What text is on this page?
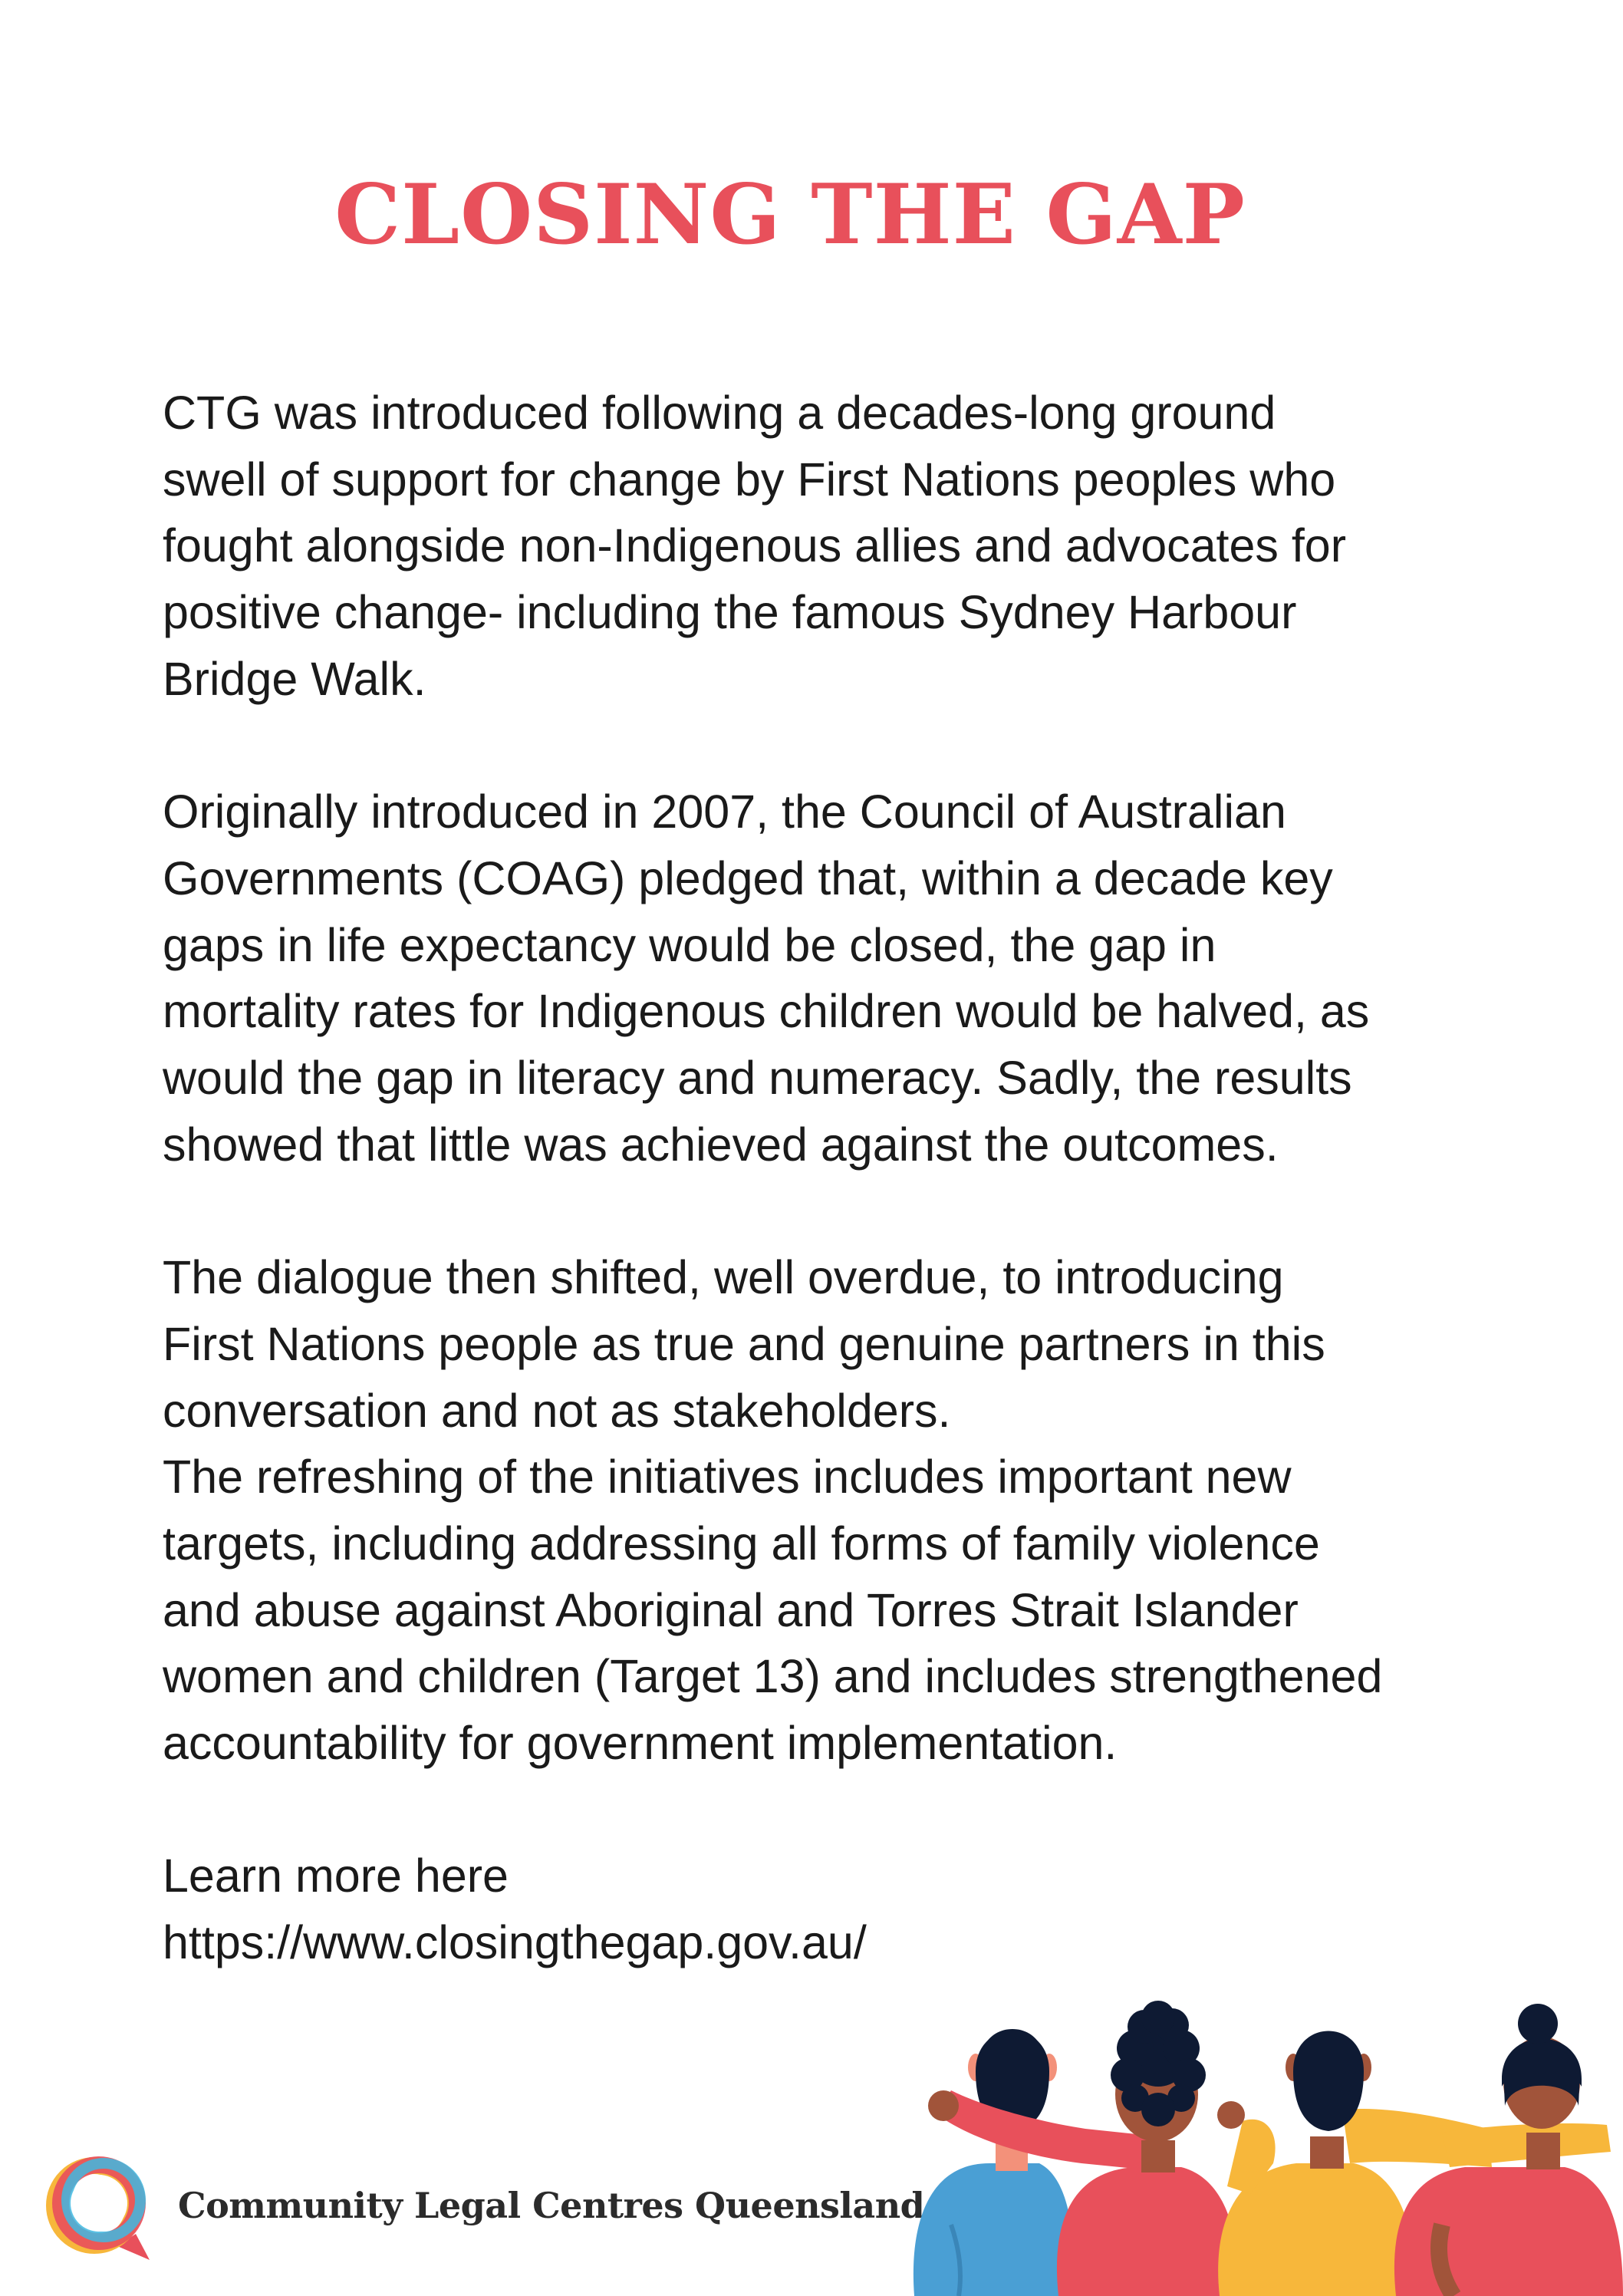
CLOSING THE GAP

CTG was introduced following a decades-long ground
swell of support for change by First Nations peoples who
fought alongside non-Indigenous allies and advocates for
positive change- including the famous Sydney Harbour
Bridge Walk.

Originally introduced in 2007, the Council of Australian
Governments (COAG) pledged that, within a decade key
gaps in life expectancy would be closed, the gap in
mortality rates for Indigenous children would be halved, as
would the gap in literacy and numeracy. Sadly, the results
showed that little was achieved against the outcomes.

The dialogue then shifted, well overdue, to introducing
First Nations people as true and genuine partners in this
conversation and not as stakeholders.
The refreshing of the initiatives includes important new
targets, including addressing all forms of family violence
and abuse against Aboriginal and Torres Strait Islander
women and children (Target 13) and includes strengthened
accountability for government implementation.

Learn more here
https://www.closingthegap.gov.au/

Community Legal Centres Queensland
